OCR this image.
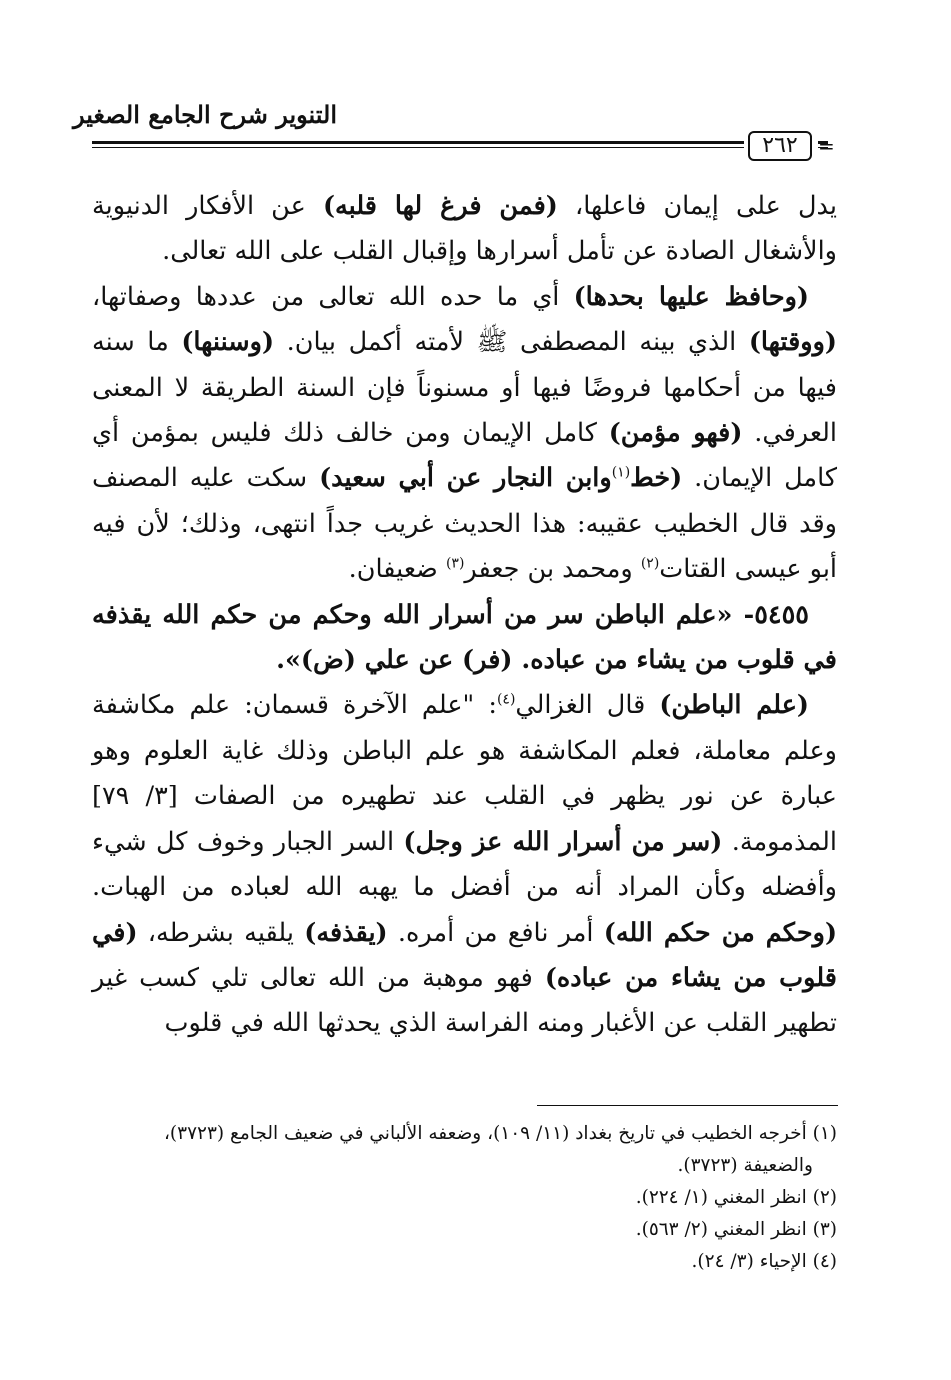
التنوير شرح الجامع الصغير
٢٦٢

يدل على إيمان فاعلها، (فمن فرغ لها قلبه) عن الأفكار الدنيوية والأشغال الصادة عن تأمل أسرارها وإقبال القلب على الله تعالى.

(وحافظ عليها بحدها) أي ما حده الله تعالى من عددها وصفاتها، (ووقتها) الذي بينه المصطفى ﷺ لأمته أكمل بيان. (وسننها) ما سنه فيها من أحكامها فروضًا فيها أو مسنوناً فإن السنة الطريقة لا المعنى العرفي. (فهو مؤمن) كامل الإيمان ومن خالف ذلك فليس بمؤمن أي كامل الإيمان. (خط$^{(١)}$وابن النجار عن أبي سعيد) سكت عليه المصنف وقد قال الخطيب عقيبه: هذا الحديث غريب جداً انتهى، وذلك؛ لأن فيه أبو عيسى القتات$^{(٢)}$ ومحمد بن جعفر$^{(٣)}$ ضعيفان.

٥٤٥٥- «علم الباطن سر من أسرار الله وحكم من حكم الله يقذفه في قلوب من يشاء من عباده. (فر) عن علي (ض)».

(علم الباطن) قال الغزالي$^{(٤)}$: "علم الآخرة قسمان: علم مكاشفة وعلم معاملة، فعلم المكاشفة هو علم الباطن وذلك غاية العلوم وهو عبارة عن نور يظهر في القلب عند تطهيره من الصفات [٣/ ٧٩] المذمومة. (سر من أسرار الله عز وجل) السر الجبار وخوف كل شيء وأفضله وكأن المراد أنه من أفضل ما يهبه الله لعباده من الهبات. (وحكم من حكم الله) أمر نافع من أمره. (يقذفه) يلقيه بشرطه، (في قلوب من يشاء من عباده) فهو موهبة من الله تعالى تلي كسب غير تطهير القلب عن الأغبار ومنه الفراسة الذي يحدثها الله في قلوب

(١) أخرجه الخطيب في تاريخ بغداد (١١/ ١٠٩)، وضعفه الألباني في ضعيف الجامع (٣٧٢٣)،

والضعيفة (٣٧٢٣).

(٢) انظر المغني (١/ ٢٢٤).

(٣) انظر المغني (٢/ ٥٦٣).

(٤) الإحياء (٣/ ٢٤).

=
